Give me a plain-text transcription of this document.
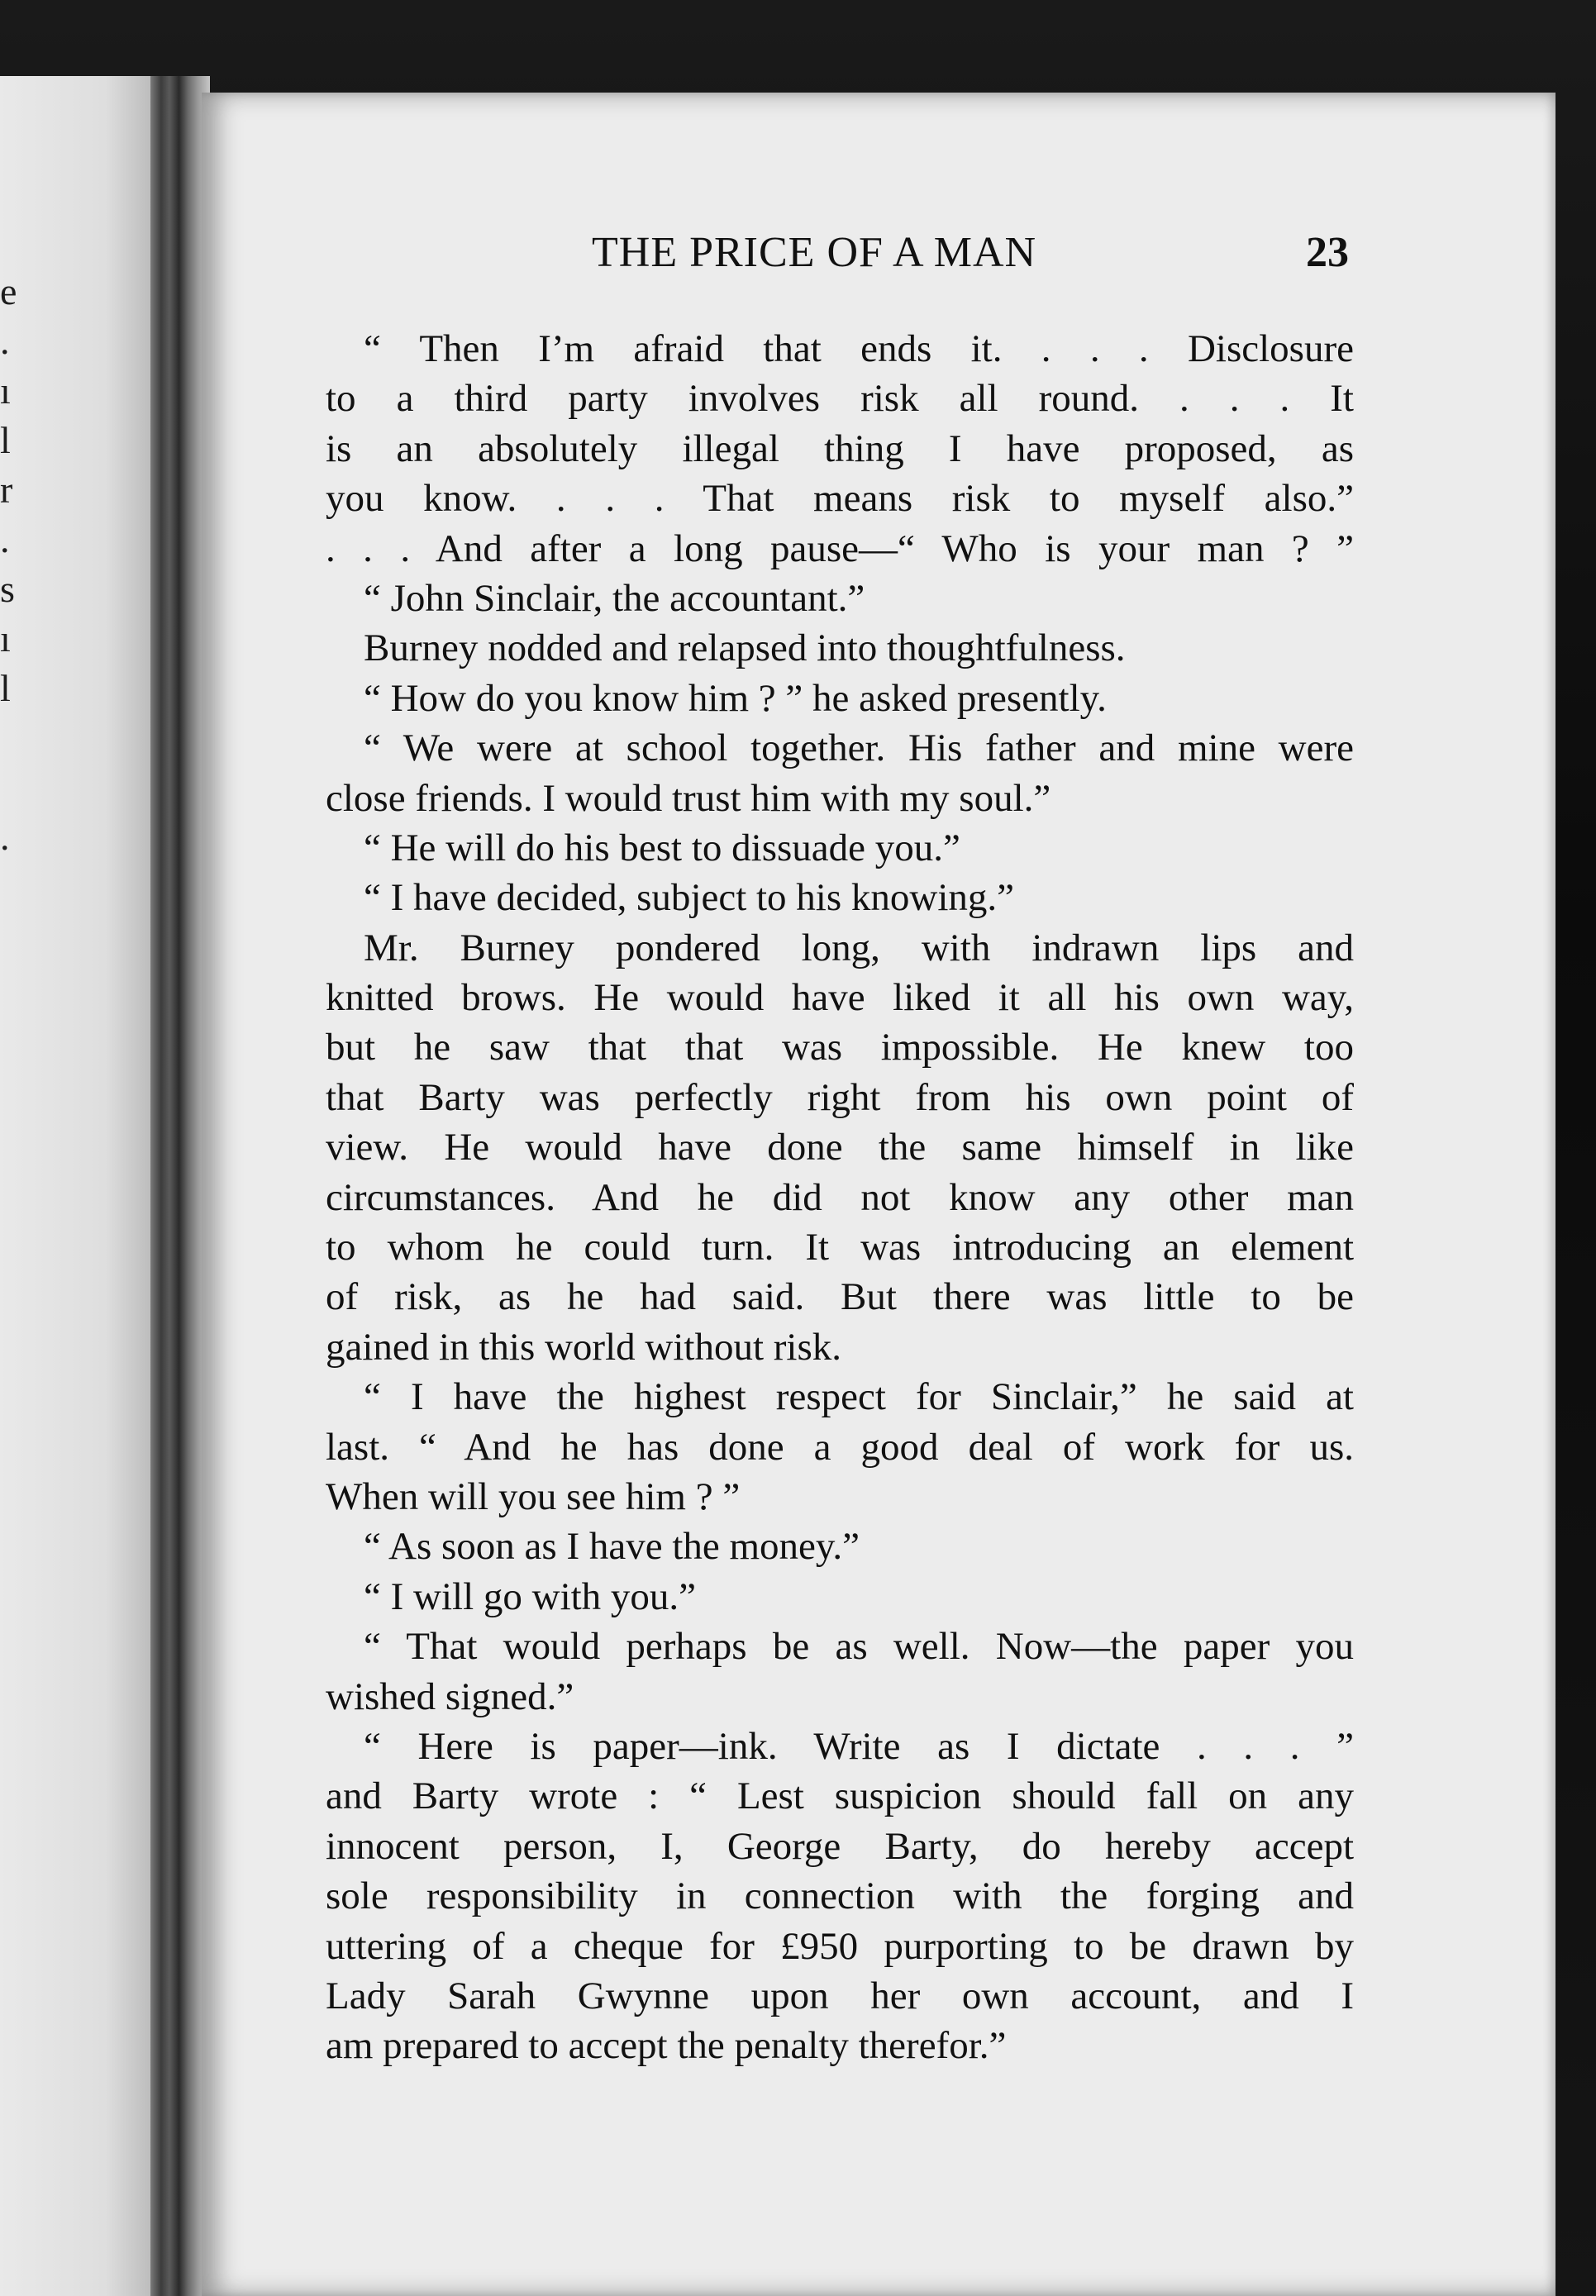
e
.
ı
l
r
.
s
ı
l
.
THE PRICE OF A MAN	23
“ Then I’m afraid that ends it. . . . Disclosure
to a third party involves risk all round. . . . It
is an absolutely illegal thing I have proposed, as
you know. . . . That means risk to myself also.”
. . . And after a long pause—“ Who is your man ? ”
“ John Sinclair, the accountant.”
Burney nodded and relapsed into thoughtfulness.
“ How do you know him ? ” he asked presently.
“ We were at school together. His father and mine were
close friends. I would trust him with my soul.”
“ He will do his best to dissuade you.”
“ I have decided, subject to his knowing.”
Mr. Burney pondered long, with indrawn lips and
knitted brows. He would have liked it all his own way,
but he saw that that was impossible. He knew too
that Barty was perfectly right from his own point of
view. He would have done the same himself in like
circumstances. And he did not know any other man
to whom he could turn. It was introducing an element
of risk, as he had said. But there was little to be
gained in this world without risk.
“ I have the highest respect for Sinclair,” he said at
last. “ And he has done a good deal of work for us.
When will you see him ? ”
“ As soon as I have the money.”
“ I will go with you.”
“ That would perhaps be as well. Now—the paper you
wished signed.”
“ Here is paper—ink. Write as I dictate . . . ”
and Barty wrote : “ Lest suspicion should fall on any
innocent person, I, George Barty, do hereby accept
sole responsibility in connection with the forging and
uttering of a cheque for £950 purporting to be drawn by
Lady Sarah Gwynne upon her own account, and I
am prepared to accept the penalty therefor.”
